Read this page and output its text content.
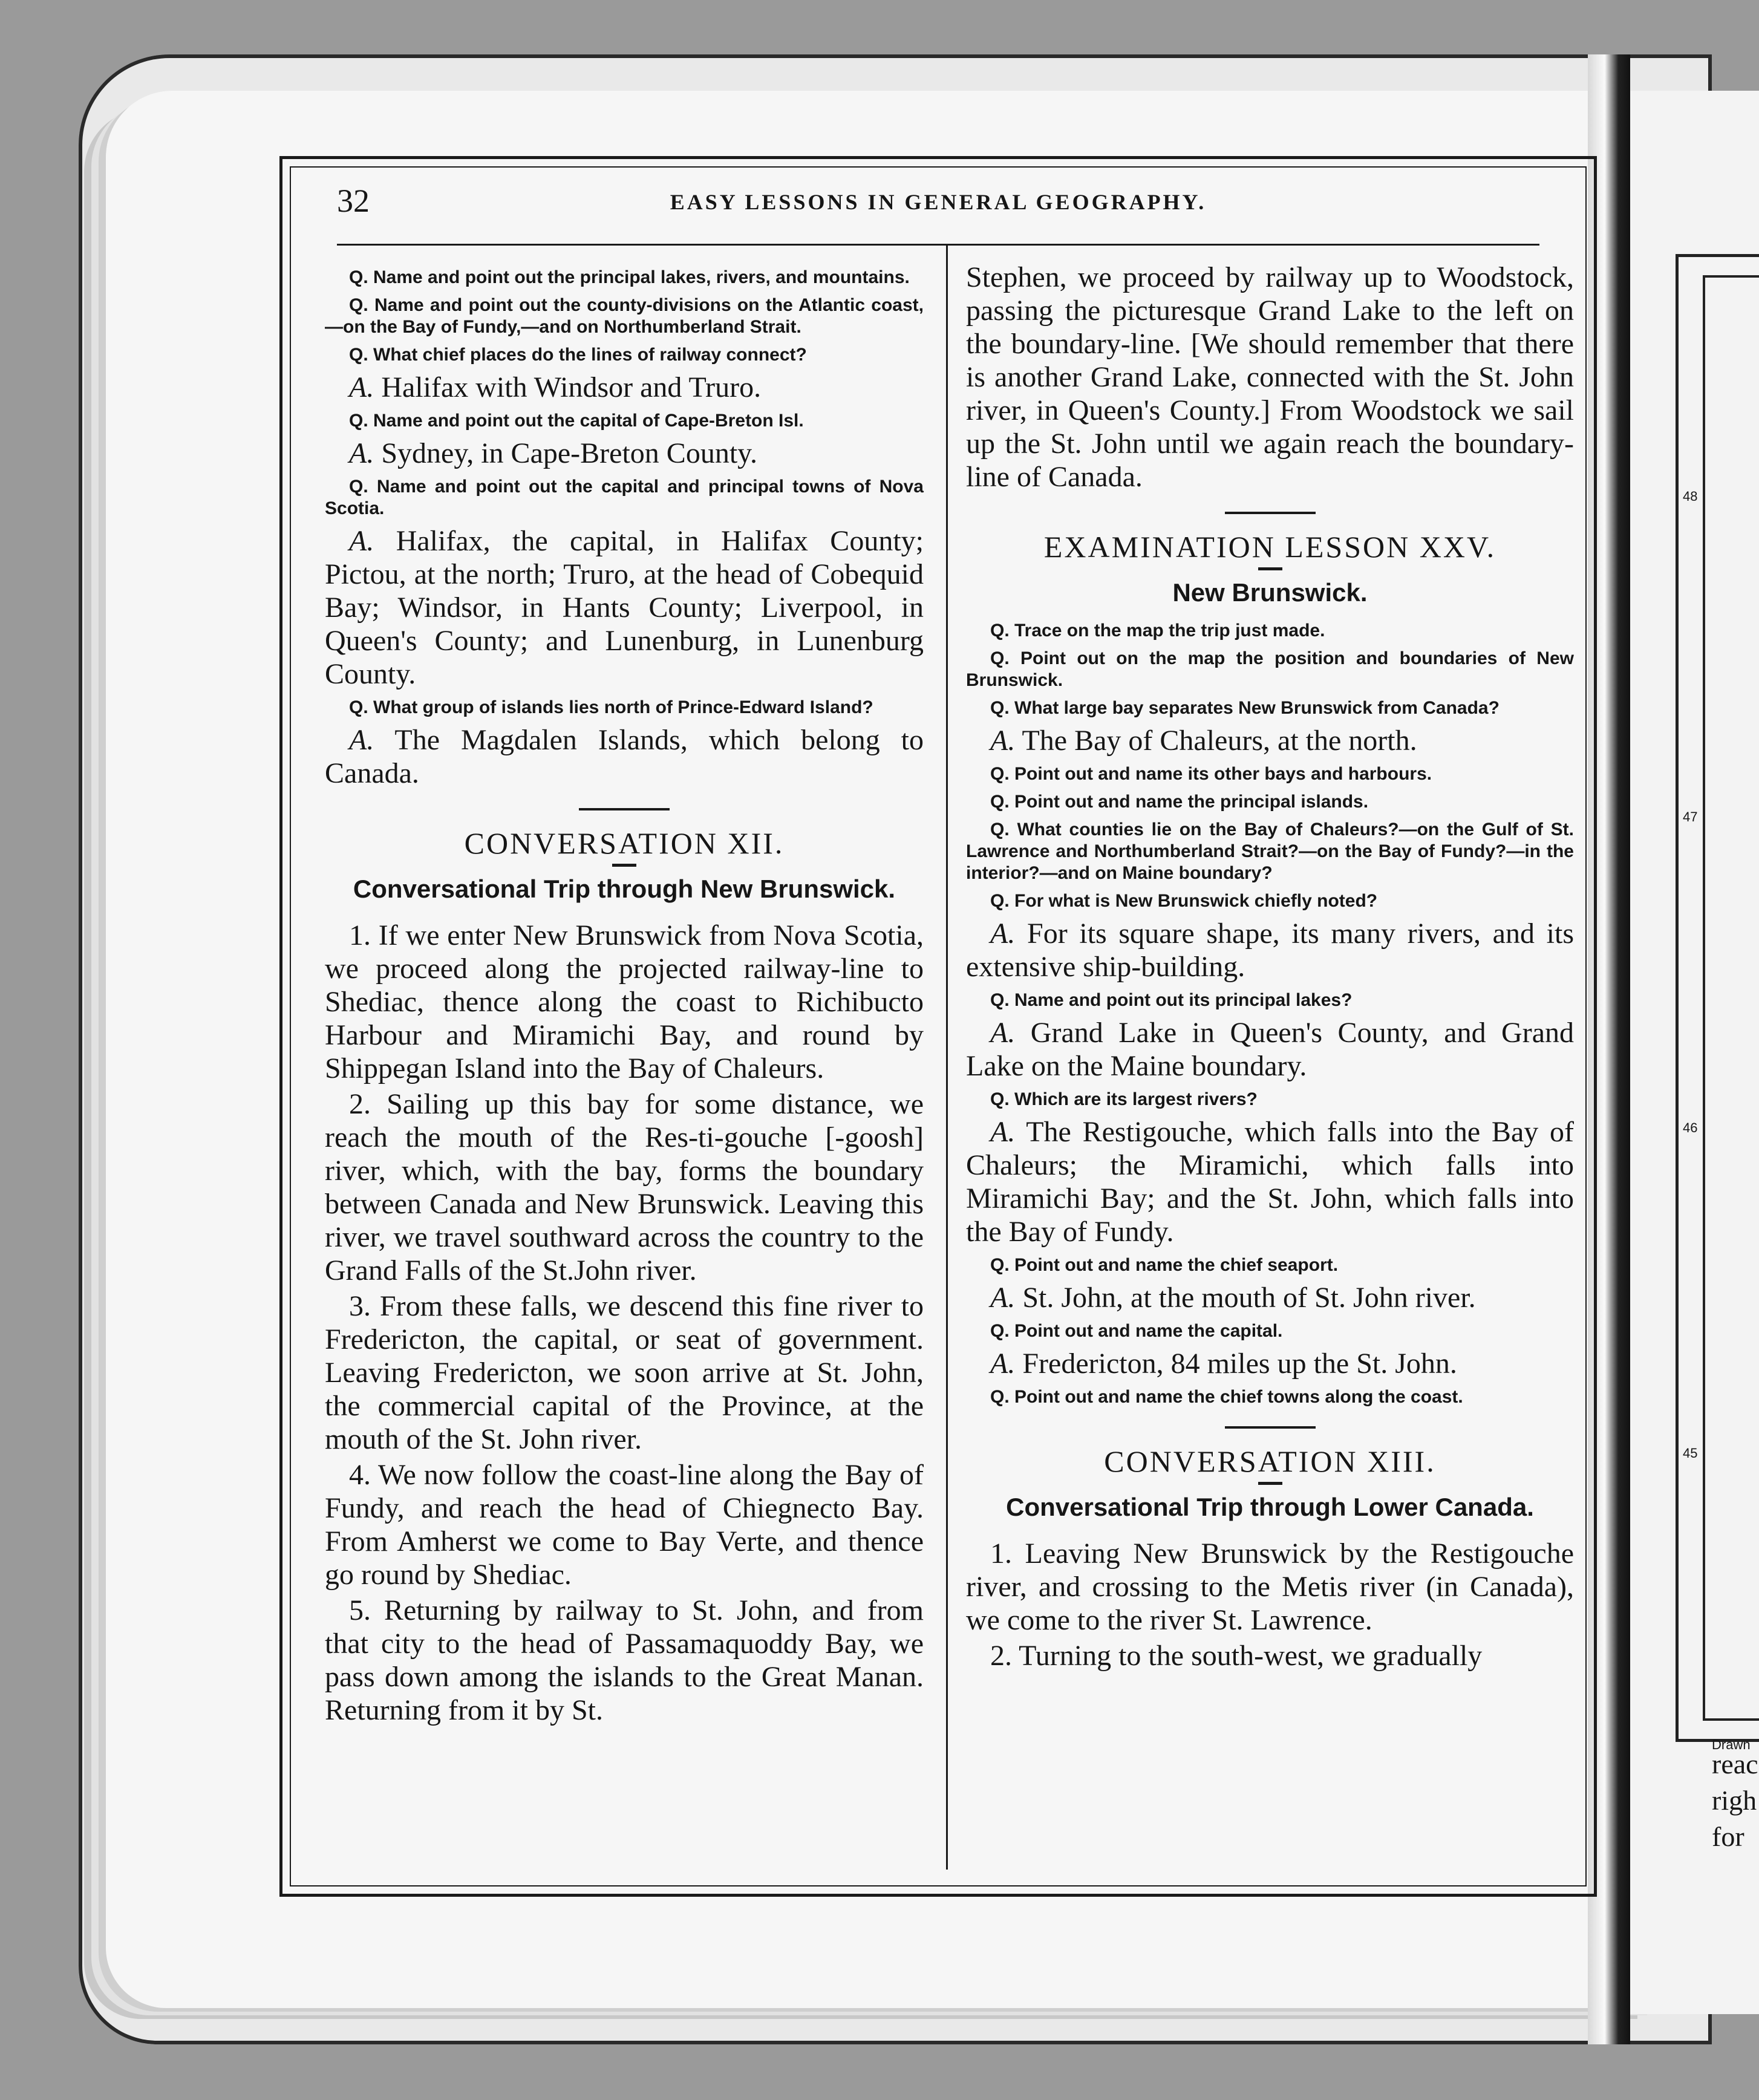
48
47
46
45
Drawn
reac
righ
for
32	EASY LESSONS IN GENERAL GEOGRAPHY.

Q. Name and point out the principal lakes, rivers, and mountains.

Q. Name and point out the county-divisions on the Atlantic coast,—on the Bay of Fundy,—and on Northumberland Strait.

Q. What chief places do the lines of railway connect?

A. Halifax with Windsor and Truro.

Q. Name and point out the capital of Cape-Breton Isl.

A. Sydney, in Cape-Breton County.

Q. Name and point out the capital and principal towns of Nova Scotia.

A. Halifax, the capital, in Halifax County; Pictou, at the north; Truro, at the head of Cobequid Bay; Windsor, in Hants County; Liverpool, in Queen's County; and Lunenburg, in Lunenburg County.

Q. What group of islands lies north of Prince-Edward Island?

A. The Magdalen Islands, which belong to Canada.

CONVERSATION XII.
Conversational Trip through New Brunswick.

1. If we enter New Brunswick from Nova Scotia, we proceed along the projected railway-line to Shediac, thence along the coast to Richibucto Harbour and Miramichi Bay, and round by Shippegan Island into the Bay of Chaleurs.

2. Sailing up this bay for some distance, we reach the mouth of the Res-ti-gouche [-goosh] river, which, with the bay, forms the boundary between Canada and New Brunswick. Leaving this river, we travel southward across the country to the Grand Falls of the St.John river.

3. From these falls, we descend this fine river to Fredericton, the capital, or seat of government. Leaving Fredericton, we soon arrive at St. John, the commercial capital of the Province, at the mouth of the St. John river.

4. We now follow the coast-line along the Bay of Fundy, and reach the head of Chiegnecto Bay. From Amherst we come to Bay Verte, and thence go round by Shediac.

5. Returning by railway to St. John, and from that city to the head of Passamaquoddy Bay, we pass down among the islands to the Great Manan. Returning from it by St.

Stephen, we proceed by railway up to Woodstock, passing the picturesque Grand Lake to the left on the boundary-line. [We should remember that there is another Grand Lake, connected with the St. John river, in Queen's County.] From Woodstock we sail up the St. John until we again reach the boundary-line of Canada.

EXAMINATION LESSON XXV.
New Brunswick.

Q. Trace on the map the trip just made.

Q. Point out on the map the position and boundaries of New Brunswick.

Q. What large bay separates New Brunswick from Canada?

A. The Bay of Chaleurs, at the north.

Q. Point out and name its other bays and harbours.

Q. Point out and name the principal islands.

Q. What counties lie on the Bay of Chaleurs?—on the Gulf of St. Lawrence and Northumberland Strait?—on the Bay of Fundy?—in the interior?—and on Maine boundary?

Q. For what is New Brunswick chiefly noted?

A. For its square shape, its many rivers, and its extensive ship-building.

Q. Name and point out its principal lakes?

A. Grand Lake in Queen's County, and Grand Lake on the Maine boundary.

Q. Which are its largest rivers?

A. The Restigouche, which falls into the Bay of Chaleurs; the Miramichi, which falls into Miramichi Bay; and the St. John, which falls into the Bay of Fundy.

Q. Point out and name the chief seaport.

A. St. John, at the mouth of St. John river.

Q. Point out and name the capital.

A. Fredericton, 84 miles up the St. John.

Q. Point out and name the chief towns along the coast.

CONVERSATION XIII.
Conversational Trip through Lower Canada.

1. Leaving New Brunswick by the Restigouche river, and crossing to the Metis river (in Canada), we come to the river St. Lawrence.

2. Turning to the south-west, we gradually
